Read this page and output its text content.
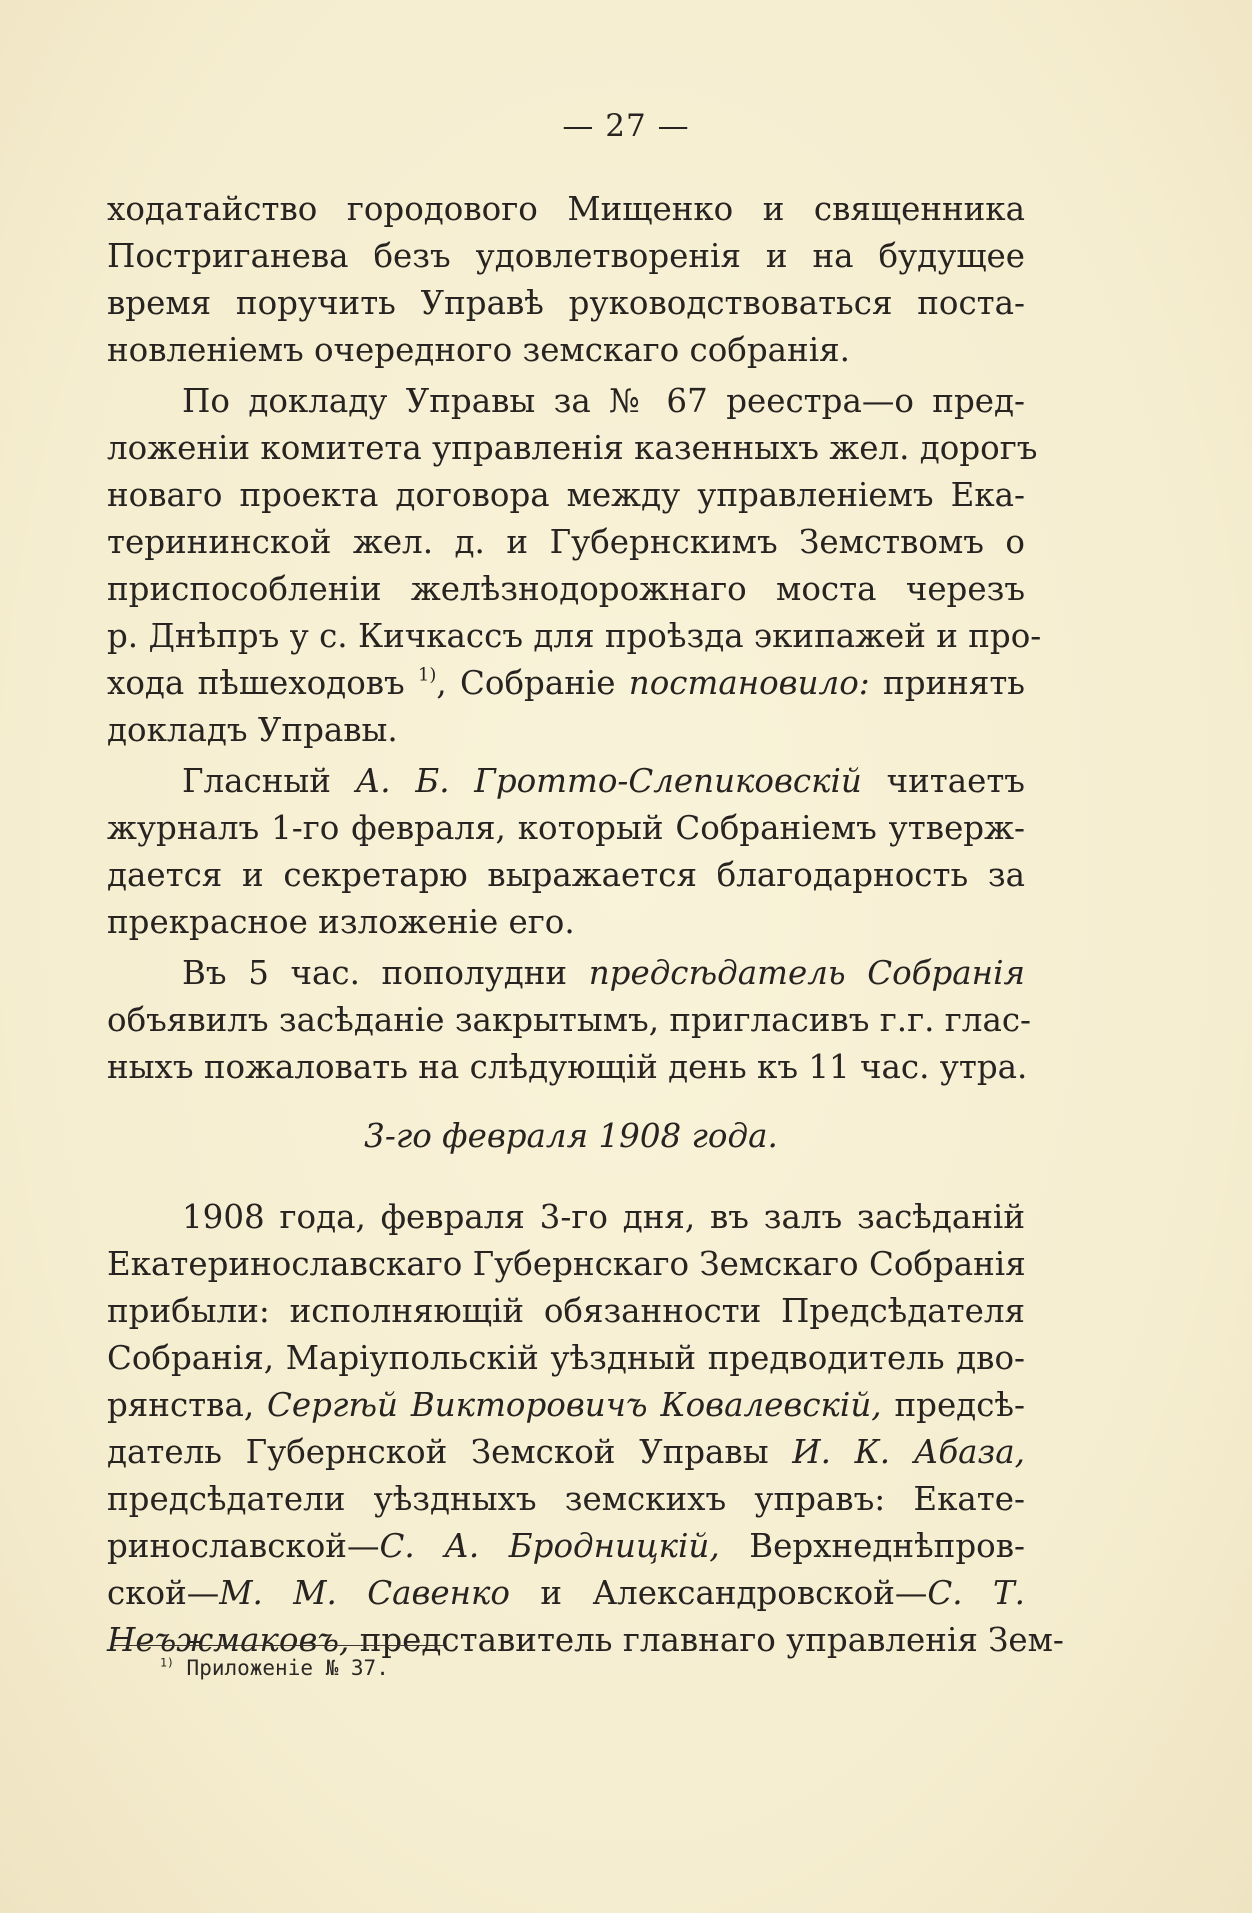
— 27 —
ходатайство городового Мищенко и священника
Постриганева безъ удовлетворенія и на будущее
время поручить Управѣ руководствоваться поста-
новленіемъ очередного земскаго собранія.
По докладу Управы за № 67 реестра—о пред-
ложеніи комитета управленія казенныхъ жел. дорогъ
новаго проекта договора между управленіемъ Ека-
терининской жел. д. и Губернскимъ Земствомъ о
приспособленіи желѣзнодорожнаго моста черезъ
р. Днѣпръ у с. Кичкассъ для проѣзда экипажей и про-
хода пѣшеходовъ $^{1)}$, Собраніе постановило: принять
докладъ Управы.
Гласный А. Б. Гротто-Слепиковскій читаетъ
журналъ 1-го февраля, который Собраніемъ утверж-
дается и секретарю выражается благодарность за
прекрасное изложеніе его.
Въ 5 час. пополудни предсѣдатель Собранія
объявилъ засѣданіе закрытымъ, пригласивъ г.г. глас-
ныхъ пожаловать на слѣдующій день къ 11 час. утра.
3-го февраля 1908 года.
1908 года, февраля 3-го дня, въ залъ засѣданій
Екатеринославскаго Губернскаго Земскаго Собранія
прибыли: исполняющій обязанности Предсѣдателя
Собранія, Маріупольскій уѣздный предводитель дво-
рянства, Сергѣй Викторовичъ Ковалевскій, предсѣ-
датель Губернской Земской Управы И. К. Абаза,
предсѣдатели уѣздныхъ земскихъ управъ: Екате-
ринославской—С. А. Бродницкій, Верхнеднѣпров-
ской—М. М. Савенко и Александровской—С. Т.
Неъжмаковъ, представитель главнаго управленія Зем-
$^{1)}$ Приложеніе № 37.
